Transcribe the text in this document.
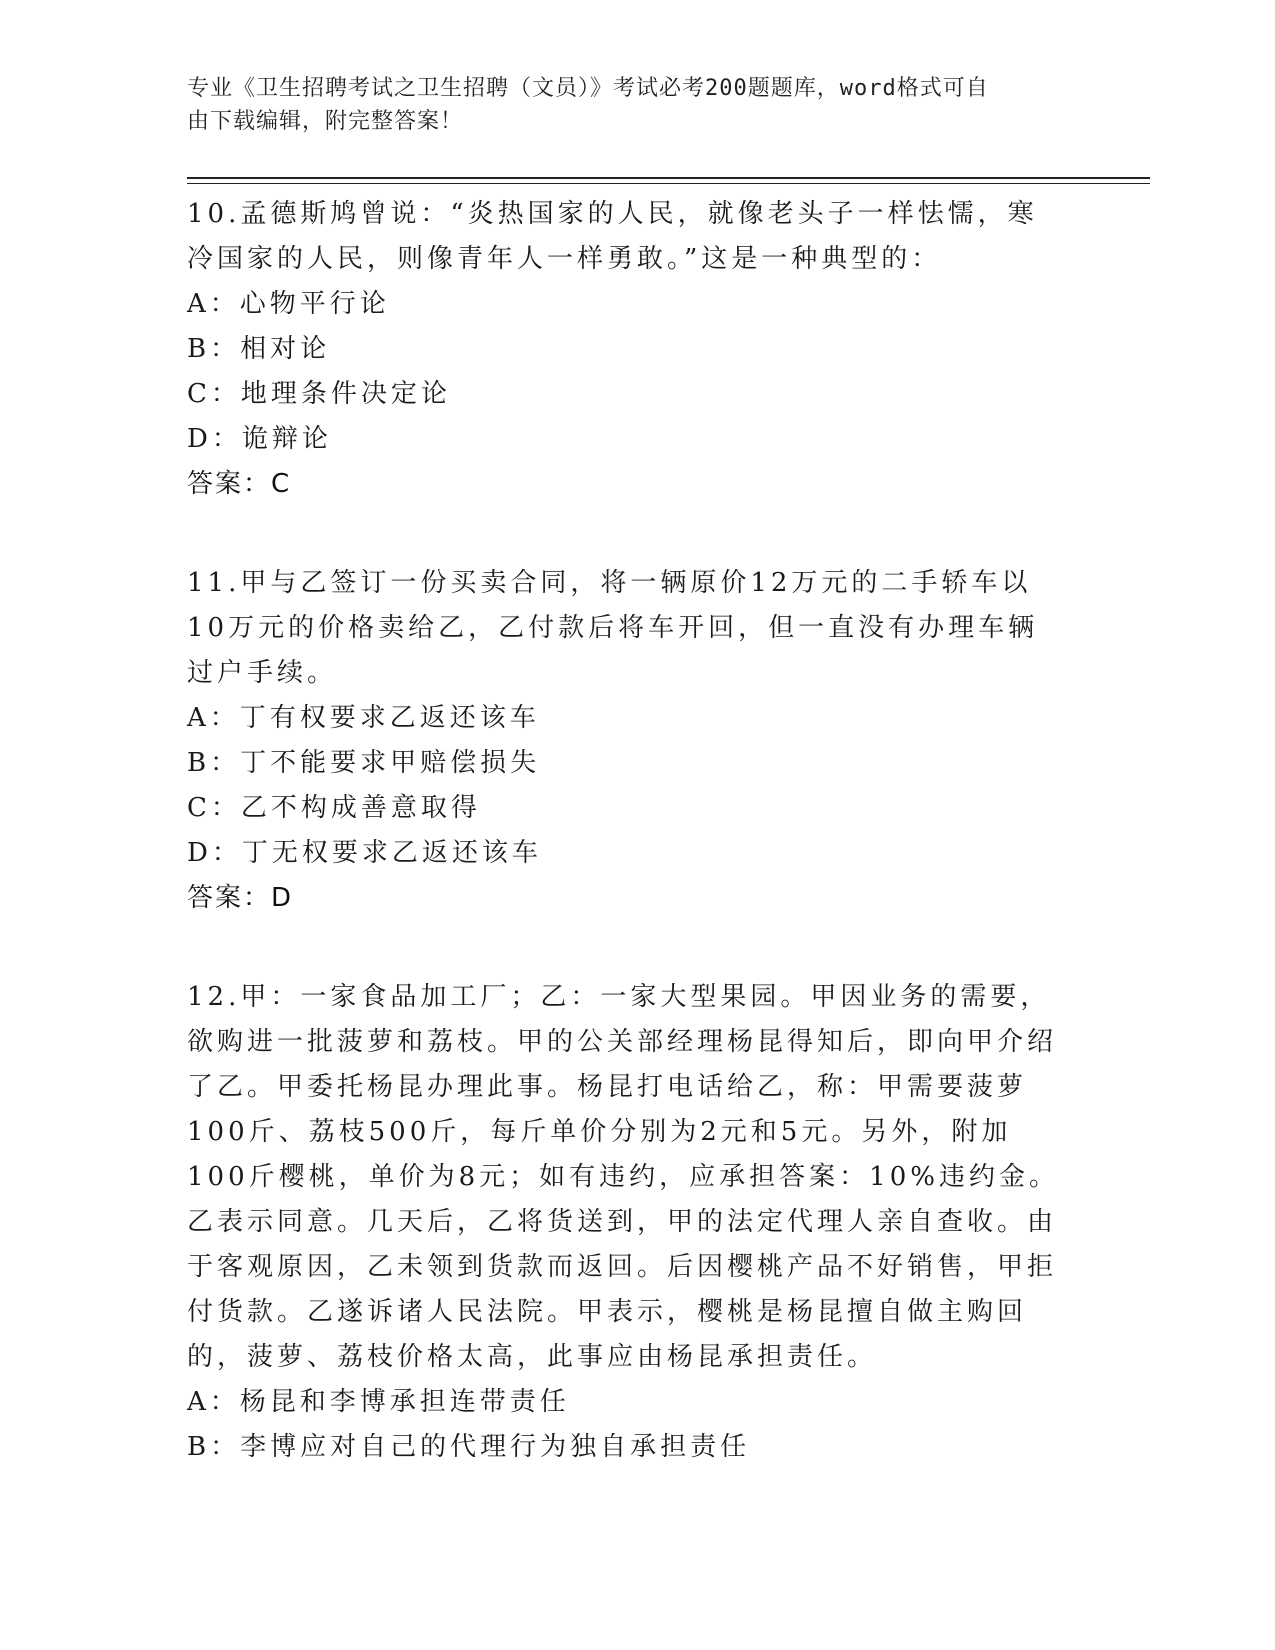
专业《卫生招聘考试之卫生招聘（文员）》考试必考200题题库，word格式可自
由下载编辑，附完整答案！

10.孟德斯鸠曾说：“炎热国家的人民，就像老头子一样怯懦，寒冷国家的人民，则像青年人一样勇敢。”这是一种典型的：

A：心物平行论

B：相对论

C：地理条件决定论

D：诡辩论

答案：C

11.甲与乙签订一份买卖合同，将一辆原价12万元的二手轿车以10万元的价格卖给乙，乙付款后将车开回，但一直没有办理车辆过户手续。

A：丁有权要求乙返还该车

B：丁不能要求甲赔偿损失

C：乙不构成善意取得

D：丁无权要求乙返还该车

答案：D

12.甲：一家食品加工厂；乙：一家大型果园。甲因业务的需要，欲购进一批菠萝和荔枝。甲的公关部经理杨昆得知后，即向甲介绍了乙。甲委托杨昆办理此事。杨昆打电话给乙，称：甲需要菠萝100斤、荔枝500斤，每斤单价分别为2元和5元。另外，附加100斤樱桃，单价为8元；如有违约，应承担答案：10%违约金。乙表示同意。几天后，乙将货送到，甲的法定代理人亲自查收。由于客观原因，乙未领到货款而返回。后因樱桃产品不好销售，甲拒付货款。乙遂诉诸人民法院。甲表示，樱桃是杨昆擅自做主购回的，菠萝、荔枝价格太高，此事应由杨昆承担责任。

A：杨昆和李博承担连带责任

B：李博应对自己的代理行为独自承担责任
